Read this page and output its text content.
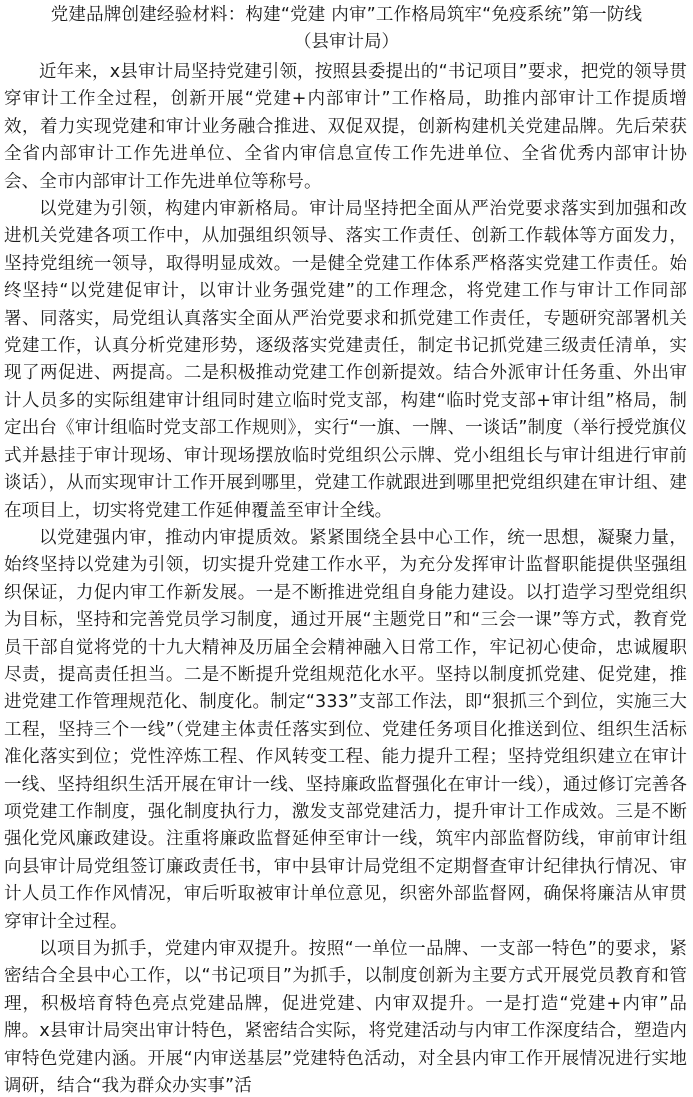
党建品牌创建经验材料：构建“党建 内审”工作格局筑牢“免疫系统”第一防线
（县审计局）

近年来，x县审计局坚持党建引领，按照县委提出的“书记项目”要求，把党的领导贯穿审计工作全过程，创新开展“党建+内部审计”工作格局，助推内部审计工作提质增效，着力实现党建和审计业务融合推进、双促双提，创新构建机关党建品牌。先后荣获全省内部审计工作先进单位、全省内审信息宣传工作先进单位、全省优秀内部审计协会、全市内部审计工作先进单位等称号。

以党建为引领，构建内审新格局。审计局坚持把全面从严治党要求落实到加强和改进机关党建各项工作中，从加强组织领导、落实工作责任、创新工作载体等方面发力，坚持党组统一领导，取得明显成效。一是健全党建工作体系严格落实党建工作责任。始终坚持“以党建促审计，以审计业务强党建”的工作理念，将党建工作与审计工作同部署、同落实，局党组认真落实全面从严治党要求和抓党建工作责任，专题研究部署机关党建工作，认真分析党建形势，逐级落实党建责任，制定书记抓党建三级责任清单，实现了两促进、两提高。二是积极推动党建工作创新提效。结合外派审计任务重、外出审计人员多的实际组建审计组同时建立临时党支部，构建“临时党支部+审计组”格局，制定出台《审计组临时党支部工作规则》，实行“一旗、一牌、一谈话”制度（举行授党旗仪式并悬挂于审计现场、审计现场摆放临时党组织公示牌、党小组组长与审计组进行审前谈话），从而实现审计工作开展到哪里，党建工作就跟进到哪里把党组织建在审计组、建在项目上，切实将党建工作延伸覆盖至审计全线。

以党建强内审，推动内审提质效。紧紧围绕全县中心工作，统一思想，凝聚力量，始终坚持以党建为引领，切实提升党建工作水平，为充分发挥审计监督职能提供坚强组织保证，力促内审工作新发展。一是不断推进党组自身能力建设。以打造学习型党组织为目标，坚持和完善党员学习制度，通过开展“主题党日”和“三会一课”等方式，教育党员干部自觉将党的十九大精神及历届全会精神融入日常工作，牢记初心使命，忠诚履职尽责，提高责任担当。二是不断提升党组规范化水平。坚持以制度抓党建、促党建，推进党建工作管理规范化、制度化。制定“333”支部工作法，即“狠抓三个到位，实施三大工程，坚持三个一线”（党建主体责任落实到位、党建任务项目化推送到位、组织生活标准化落实到位；党性淬炼工程、作风转变工程、能力提升工程；坚持党组织建立在审计一线、坚持组织生活开展在审计一线、坚持廉政监督强化在审计一线），通过修订完善各项党建工作制度，强化制度执行力，激发支部党建活力，提升审计工作成效。三是不断强化党风廉政建设。注重将廉政监督延伸至审计一线，筑牢内部监督防线，审前审计组向县审计局党组签订廉政责任书，审中县审计局党组不定期督查审计纪律执行情况、审计人员工作作风情况，审后听取被审计单位意见，织密外部监督网，确保将廉洁从审贯穿审计全过程。

以项目为抓手，党建内审双提升。按照“一单位一品牌、一支部一特色”的要求，紧密结合全县中心工作，以“书记项目”为抓手，以制度创新为主要方式开展党员教育和管理，积极培育特色亮点党建品牌，促进党建、内审双提升。一是打造“党建+内审”品牌。x县审计局突出审计特色，紧密结合实际，将党建活动与内审工作深度结合，塑造内审特色党建内涵。开展“内审送基层”党建特色活动，对全县内审工作开展情况进行实地调研，结合“我为群众办实事”活
